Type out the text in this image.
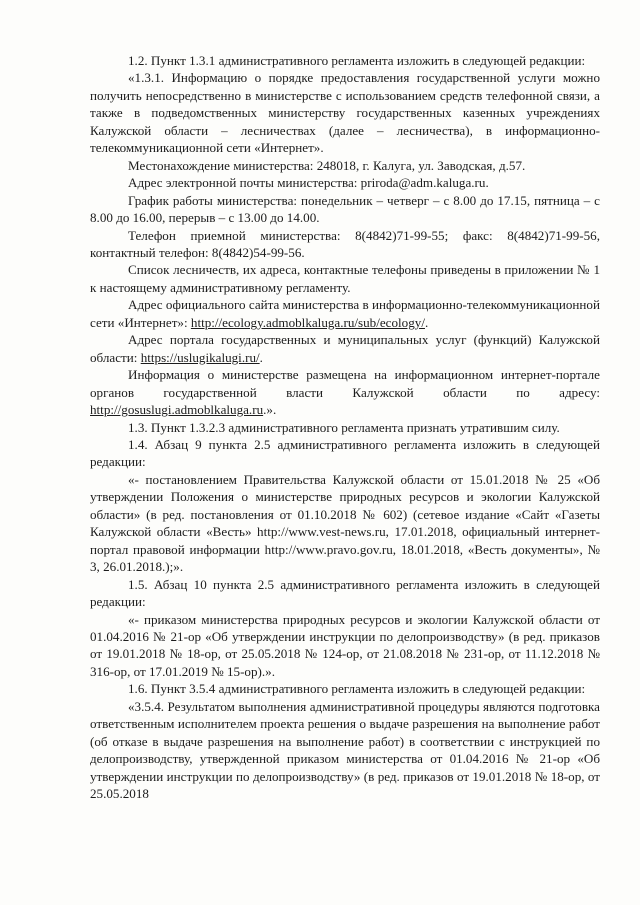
1.2. Пункт 1.3.1 административного регламента изложить в следующей редакции:

«1.3.1. Информацию о порядке предоставления государственной услуги можно получить непосредственно в министерстве с использованием средств телефонной связи, а также в подведомственных министерству государственных казенных учреждениях Калужской области – лесничествах (далее – лесничества), в информационно-телекоммуникационной сети «Интернет».

Местонахождение министерства: 248018, г. Калуга, ул. Заводская, д.57.

Адрес электронной почты министерства: priroda@adm.kaluga.ru.

График работы министерства: понедельник – четверг – с 8.00 до 17.15, пятница – с 8.00 до 16.00, перерыв – с 13.00 до 14.00.

Телефон приемной министерства: 8(4842)71-99-55; факс: 8(4842)71-99-56, контактный телефон: 8(4842)54-99-56.

Список лесничеств, их адреса, контактные телефоны приведены в приложении № 1 к настоящему административному регламенту.

Адрес официального сайта министерства в информационно-телекоммуникационной сети «Интернет»: http://ecology.admoblkaluga.ru/sub/ecology/.

Адрес портала государственных и муниципальных услуг (функций) Калужской области: https://uslugikalugi.ru/.

Информация о министерстве размещена на информационном интернет-портале органов государственной власти Калужской области по адресу: http://gosuslugi.admoblkaluga.ru.».

1.3. Пункт 1.3.2.3 административного регламента признать утратившим силу.

1.4. Абзац 9 пункта 2.5 административного регламента изложить в следующей редакции:

«- постановлением Правительства Калужской области от 15.01.2018 № 25 «Об утверждении Положения о министерстве природных ресурсов и экологии Калужской области» (в ред. постановления от 01.10.2018 № 602) (сетевое издание «Сайт «Газеты Калужской области «Весть» http://www.vest-news.ru, 17.01.2018, официальный интернет-портал правовой информации http://www.pravo.gov.ru, 18.01.2018, «Весть документы», № 3, 26.01.2018.);».

1.5. Абзац 10 пункта 2.5 административного регламента изложить в следующей редакции:

«- приказом министерства природных ресурсов и экологии Калужской области от 01.04.2016 № 21-ор «Об утверждении инструкции по делопроизводству» (в ред. приказов от 19.01.2018 № 18-ор, от 25.05.2018 № 124-ор, от 21.08.2018 № 231-ор, от 11.12.2018 № 316-ор, от 17.01.2019 № 15-ор).».

1.6. Пункт 3.5.4 административного регламента изложить в следующей редакции:

«3.5.4. Результатом выполнения административной процедуры являются подготовка ответственным исполнителем проекта решения о выдаче разрешения на выполнение работ (об отказе в выдаче разрешения на выполнение работ) в соответствии с инструкцией по делопроизводству, утвержденной приказом министерства от 01.04.2016 № 21-ор «Об утверждении инструкции по делопроизводству» (в ред. приказов от 19.01.2018 № 18-ор, от 25.05.2018
